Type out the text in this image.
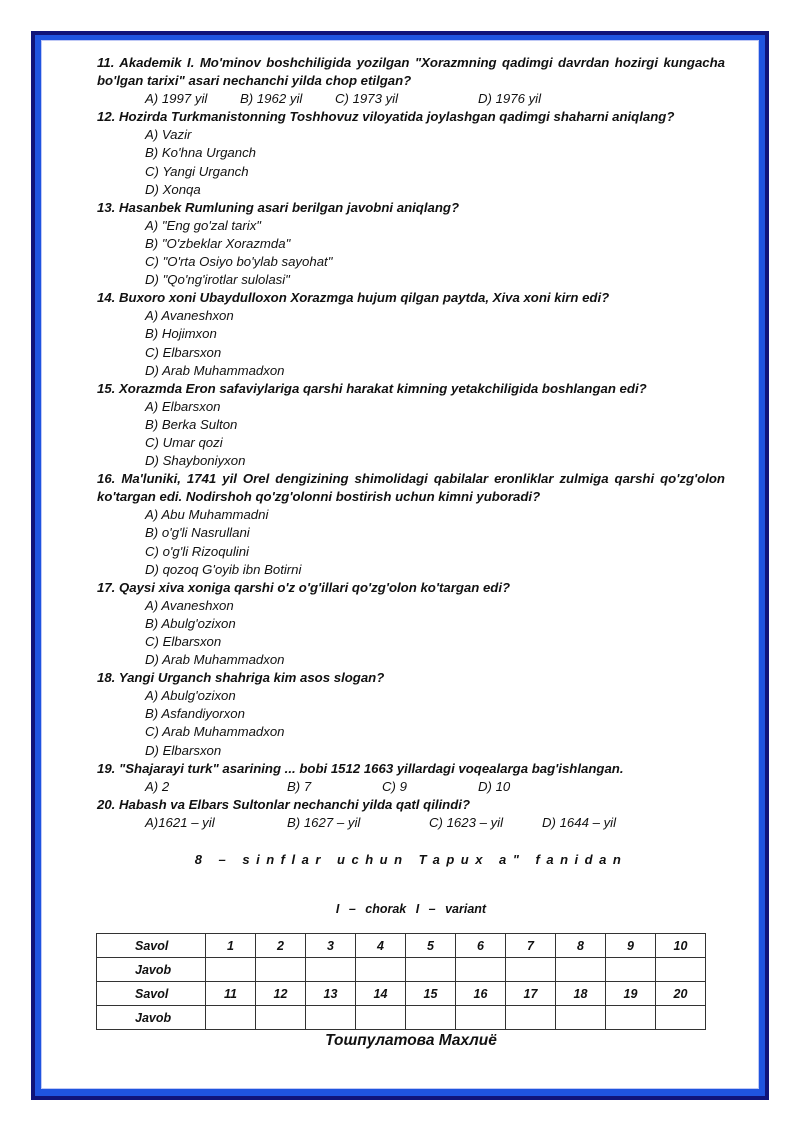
11. Akademik I. Mo'minov boshchiligida yozilgan "Xorazmning qadimgi davrdan hozirgi kungacha bo'lgan tarixi" asari nechanchi yilda chop etilgan?
A) 1997 yil B) 1962 yil C) 1973 yil	D) 1976 yil
12. Hozirda Turkmanistonning Toshhovuz viloyatida joylashgan qadimgi shaharni aniqlang?
A) Vazir
B) Ko'hna Urganch
C) Yangi Urganch
D) Xonqa
13. Hasanbek Rumluning asari berilgan javobni aniqlang?
A) "Eng go'zal tarix"
B) "O'zbeklar Xorazmda"
C) "O'rta Osiyo bo'ylab sayohat"
D) "Qo'ng'irotlar sulolasi"
14. Buxoro xoni Ubaydulloxon Xorazmga hujum qilgan paytda, Xiva xoni kirn edi?
A) Avaneshxon
B) Hojimxon
C) Elbarsxon
D) Arab Muhammadxon
15. Xorazmda Eron safaviylariga qarshi harakat kimning yetakchiligida boshlangan edi?
A) Elbarsxon
B) Berka Sulton
C) Umar qozi
D) Shayboniyxon
16. Ma'luniki, 1741 yil Orel dengizining shimolidagi qabilalar eronliklar zulmiga qarshi qo'zg'olon ko'targan edi. Nodirshoh qo'zg'olonni bostirish uchun kimni yuboradi?
A) Abu Muhammadni
B) o'g'li Nasrullani
C) o'g'li Rizoqulini
D) qozoq G'oyib ibn Botirni
17. Qaysi xiva xoniga qarshi o'z o'g'illari qo'zg'olon ko'targan edi?
A) Avaneshxon
B) Abulg'ozixon
C) Elbarsxon
D) Arab Muhammadxon
18. Yangi Urganch shahriga kim asos slogan?
A) Abulg'ozixon
B) Asfandiyorxon
C) Arab Muhammadxon
D) Elbarsxon
19. "Shajarayi turk" asarining ... bobi 1512 1663 yillardagi voqealarga bag'ishlangan.
A) 2	B) 7	C) 9	D) 10
20. Habash va Elbars Sultonlar nechanchi yilda qatl qilindi?
A)1621 – yil	B) 1627 – yil	C) 1623 – yil	D) 1644 – yil
8 – sinflar uchun Tapux a" fanidan
I – chorak I – variant
Savol	1	2	3	4	5	6	7	8	9	10
Javob										
Savol	11	12	13	14	15	16	17	18	19	20
Javob										
Тошпулатова Махлиё
